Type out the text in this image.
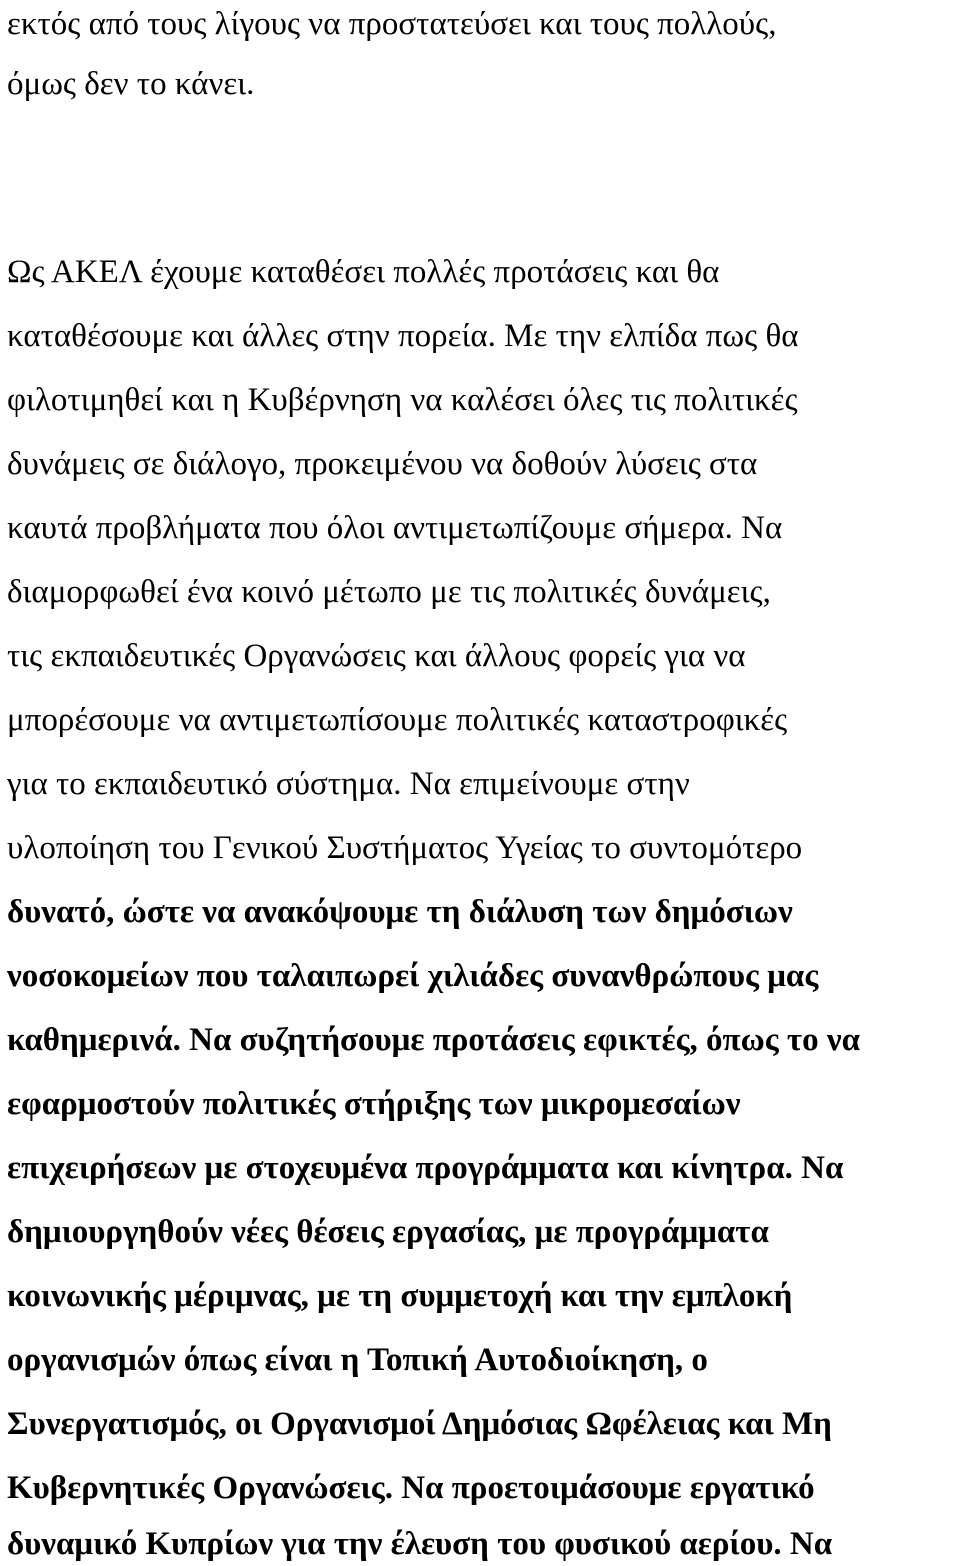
εκτός από τους λίγους να προστατεύσει και τους πολλούς,
όμως δεν το κάνει.
Ως ΑΚΕΛ έχουμε καταθέσει πολλές προτάσεις και θα
καταθέσουμε και άλλες στην πορεία. Με την ελπίδα πως θα
φιλοτιμηθεί και η Κυβέρνηση να καλέσει όλες τις πολιτικές
δυνάμεις σε διάλογο, προκειμένου να δοθούν λύσεις στα
καυτά προβλήματα που όλοι αντιμετωπίζουμε σήμερα. Να
διαμορφωθεί ένα κοινό μέτωπο με τις πολιτικές δυνάμεις,
τις εκπαιδευτικές Οργανώσεις και άλλους φορείς για να
μπορέσουμε να αντιμετωπίσουμε πολιτικές καταστροφικές
για το εκπαιδευτικό σύστημα. Να επιμείνουμε στην
υλοποίηση του Γενικού Συστήματος Υγείας το συντομότερο
δυνατό, ώστε να ανακόψουμε τη διάλυση των δημόσιων
νοσοκομείων που ταλαιπωρεί χιλιάδες συνανθρώπους μας
καθημερινά. Να συζητήσουμε προτάσεις εφικτές, όπως το να
εφαρμοστούν πολιτικές στήριξης των μικρομεσαίων
επιχειρήσεων με στοχευμένα προγράμματα και κίνητρα. Να
δημιουργηθούν νέες θέσεις εργασίας, με προγράμματα
κοινωνικής μέριμνας, με τη συμμετοχή και την εμπλοκή
οργανισμών όπως είναι η Τοπική Αυτοδιοίκηση, ο
Συνεργατισμός, οι Οργανισμοί Δημόσιας Ωφέλειας και Μη
Κυβερνητικές Οργανώσεις. Να προετοιμάσουμε εργατικό
δυναμικό Κυπρίων για την έλευση του φυσικού αερίου. Να
